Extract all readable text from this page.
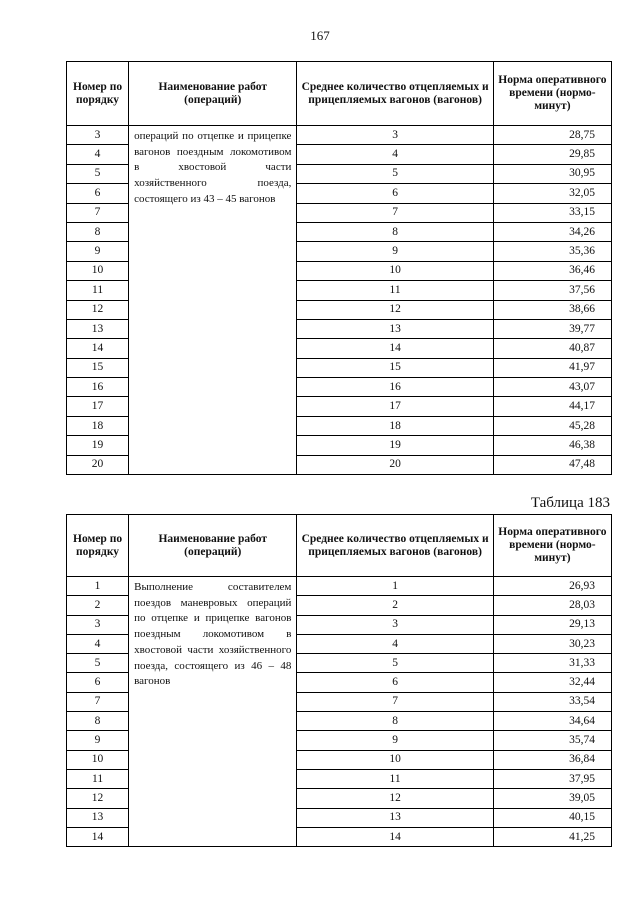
167
Номер по порядку	Наименование работ (операций)	Среднее количество отцепляемых и прицепляемых вагонов (вагонов)	Норма оперативного времени (нормо-минут)
3	операций по отцепке и прицепке вагонов поездным локомотивом в хвостовой части хозяйственного поезда, состоящего из 43 – 45 вагонов	3	28,75
4		4	29,85
5		5	30,95
6		6	32,05
7		7	33,15
8		8	34,26
9		9	35,36
10		10	36,46
11		11	37,56
12		12	38,66
13		13	39,77
14		14	40,87
15		15	41,97
16		16	43,07
17		17	44,17
18		18	45,28
19		19	46,38
20		20	47,48
Таблица 183
Номер по порядку	Наименование работ (операций)	Среднее количество отцепляемых и прицепляемых вагонов (вагонов)	Норма оперативного времени (нормо-минут)
1	Выполнение составителем поездов маневровых операций по отцепке и прицепке вагонов поездным локомотивом в хвостовой части хозяйственного поезда, состоящего из 46 – 48 вагонов	1	26,93
2		2	28,03
3		3	29,13
4		4	30,23
5		5	31,33
6		6	32,44
7		7	33,54
8		8	34,64
9		9	35,74
10		10	36,84
11		11	37,95
12		12	39,05
13		13	40,15
14		14	41,25
